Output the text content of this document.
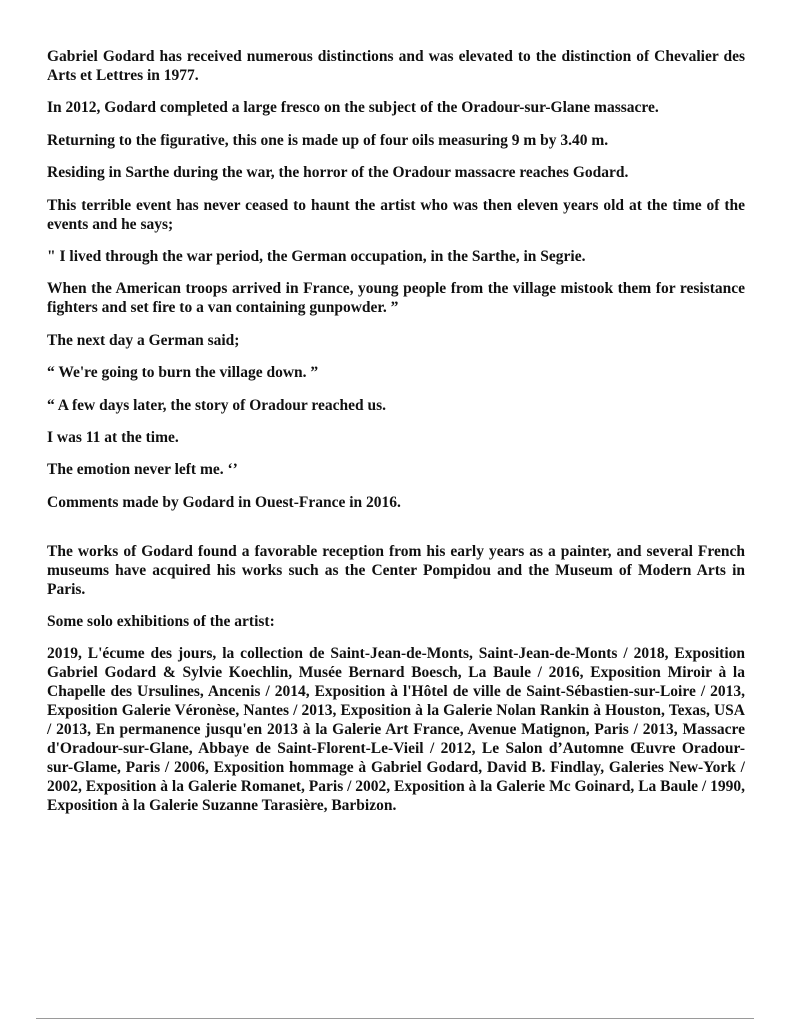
Gabriel Godard has received numerous distinctions and was elevated to the distinction of Chevalier des Arts et Lettres in 1977.

In 2012, Godard completed a large fresco on the subject of the Oradour-sur-Glane massacre.

Returning to the figurative, this one is made up of four oils measuring 9 m by 3.40 m.

Residing in Sarthe during the war, the horror of the Oradour massacre reaches Godard.

This terrible event has never ceased to haunt the artist who was then eleven years old at the time of the events and he says;

" I lived through the war period, the German occupation, in the Sarthe, in Segrie.

When the American troops arrived in France, young people from the village mistook them for resistance fighters and set fire to a van containing gunpowder. ”

The next day a German said;

“ We're going to burn the village down. ”

“ A few days later, the story of Oradour reached us.

I was 11 at the time.

The emotion never left me. ‘’

Comments made by Godard in Ouest-France in 2016.

The works of Godard found a favorable reception from his early years as a painter, and several French museums have acquired his works such as the Center Pompidou and the Museum of Modern Arts in Paris.

Some solo exhibitions of the artist:

2019, L'écume des jours, la collection de Saint-Jean-de-Monts, Saint-Jean-de-Monts / 2018, Exposition Gabriel Godard & Sylvie Koechlin, Musée Bernard Boesch, La Baule / 2016, Exposition Miroir à la Chapelle des Ursulines, Ancenis / 2014, Exposition à l'Hôtel de ville de Saint-Sébastien-sur-Loire / 2013, Exposition Galerie Véronèse, Nantes / 2013, Exposition à la Galerie Nolan Rankin à Houston, Texas, USA / 2013, En permanence jusqu'en 2013 à la Galerie Art France, Avenue Matignon, Paris / 2013, Massacre d'Oradour-sur-Glane, Abbaye de Saint-Florent-Le-Vieil / 2012, Le Salon d’Automne Œuvre Oradour-sur-Glame, Paris / 2006, Exposition hommage à Gabriel Godard, David B. Findlay, Galeries New-York / 2002, Exposition à la Galerie Romanet, Paris / 2002, Exposition à la Galerie Mc Goinard, La Baule / 1990, Exposition à la Galerie Suzanne Tarasière, Barbizon.
